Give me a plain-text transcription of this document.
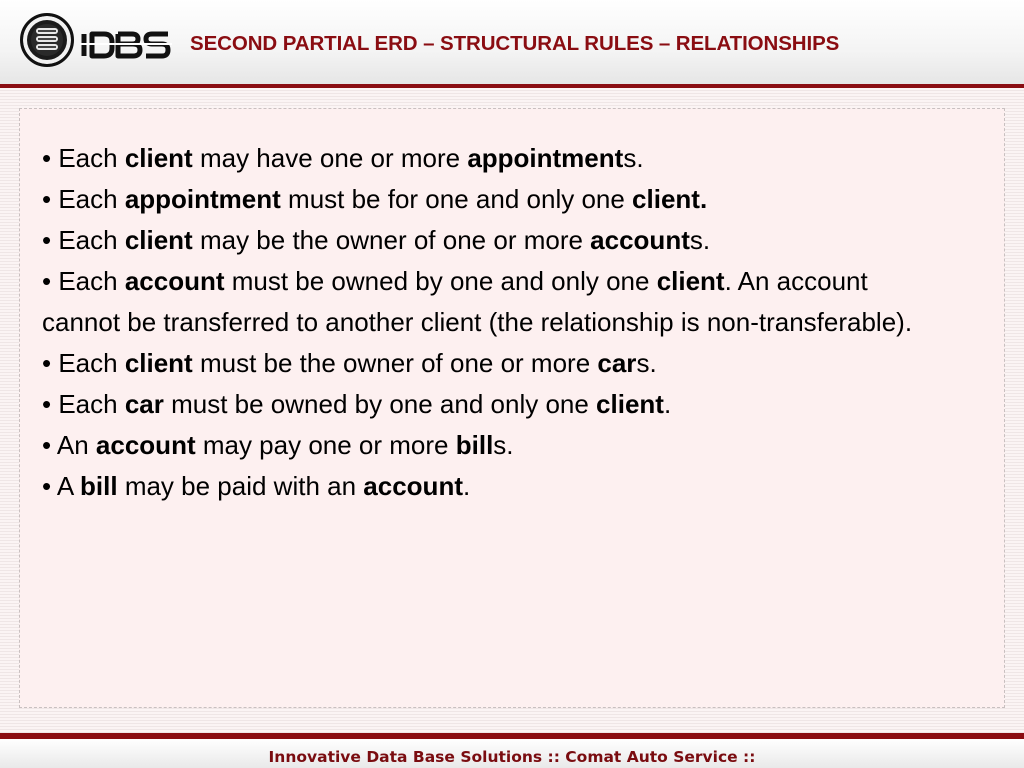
SECOND PARTIAL ERD – STRUCTURAL RULES – RELATIONSHIPS
• Each client may have one or more appointments.
• Each appointment must be for one and only one client.
• Each client may be the owner of one or more accounts.
• Each account must be owned by one and only one client. An account cannot be transferred to another client (the relationship is non-transferable).
• Each client must be the owner of one or more cars.
• Each car must be owned by one and only one client.
• An account may pay one or more bills.
• A bill may be paid with an account.
Innovative Data Base Solutions :: Comat Auto Service ::
